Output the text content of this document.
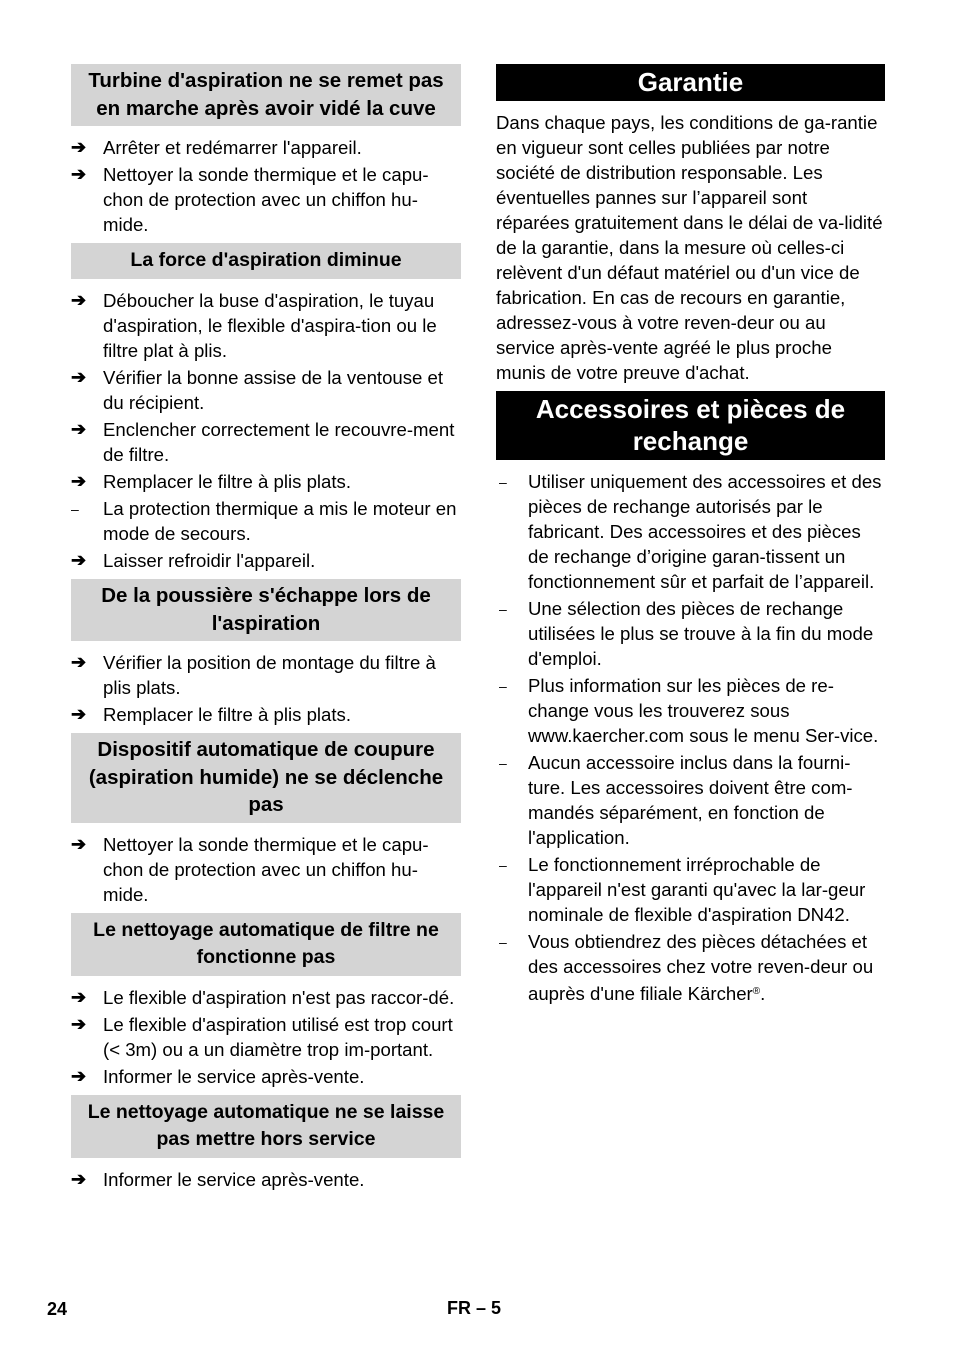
Turbine d'aspiration ne se remet pas en marche après avoir vidé la cuve
➔ Arrêter et redémarrer l'appareil.
➔ Nettoyer la sonde thermique et le capu-chon de protection avec un chiffon hu-mide.
La force d'aspiration diminue
➔ Déboucher la buse d'aspiration, le tuyau d'aspiration, le flexible d'aspira-tion ou le filtre plat à plis.
➔ Vérifier la bonne assise de la ventouse et du récipient.
➔ Enclencher correctement le recouvre-ment de filtre.
➔ Remplacer le filtre à plis plats.
–	La protection thermique a mis le moteur en mode de secours.
➔ Laisser refroidir l'appareil.
De la poussière s'échappe lors de l'aspiration
➔ Vérifier la position de montage du filtre à plis plats.
➔ Remplacer le filtre à plis plats.
Dispositif automatique de coupure (aspiration humide) ne se déclenche pas
➔ Nettoyer la sonde thermique et le capu-chon de protection avec un chiffon hu-mide.
Le nettoyage automatique de filtre ne fonctionne pas
➔ Le flexible d'aspiration n'est pas raccor-dé.
➔ Le flexible d'aspiration utilisé est trop court (< 3m) ou a un diamètre trop im-portant.
➔ Informer le service après-vente.
Le nettoyage automatique ne se laisse pas mettre hors service
➔ Informer le service après-vente.
Garantie

Dans chaque pays, les conditions de ga-rantie en vigueur sont celles publiées par notre société de distribution responsable. Les éventuelles pannes sur l’appareil sont réparées gratuitement dans le délai de va-lidité de la garantie, dans la mesure où celles-ci relèvent d'un défaut matériel ou d'un vice de fabrication. En cas de recours en garantie, adressez-vous à votre reven-deur ou au service après-vente agréé le plus proche munis de votre preuve d'achat.

Accessoires et pièces de rechange
–	Utiliser uniquement des accessoires et des pièces de rechange autorisés par le fabricant. Des accessoires et des pièces de rechange d’origine garan-tissent un fonctionnement sûr et parfait de l’appareil.
–	Une sélection des pièces de rechange utilisées le plus se trouve à la fin du mode d'emploi.
–	Plus information sur les pièces de re-change vous les trouverez sous www.kaercher.com sous le menu Ser-vice.
–	Aucun accessoire inclus dans la fourni-ture. Les accessoires doivent être com-mandés séparément, en fonction de l'application.
–	Le fonctionnement irréprochable de l'appareil n'est garanti qu'avec la lar-geur nominale de flexible d'aspiration DN42.
–	Vous obtiendrez des pièces détachées et des accessoires chez votre reven-deur ou auprès d'une filiale Kärcher®.
24	FR – 5
